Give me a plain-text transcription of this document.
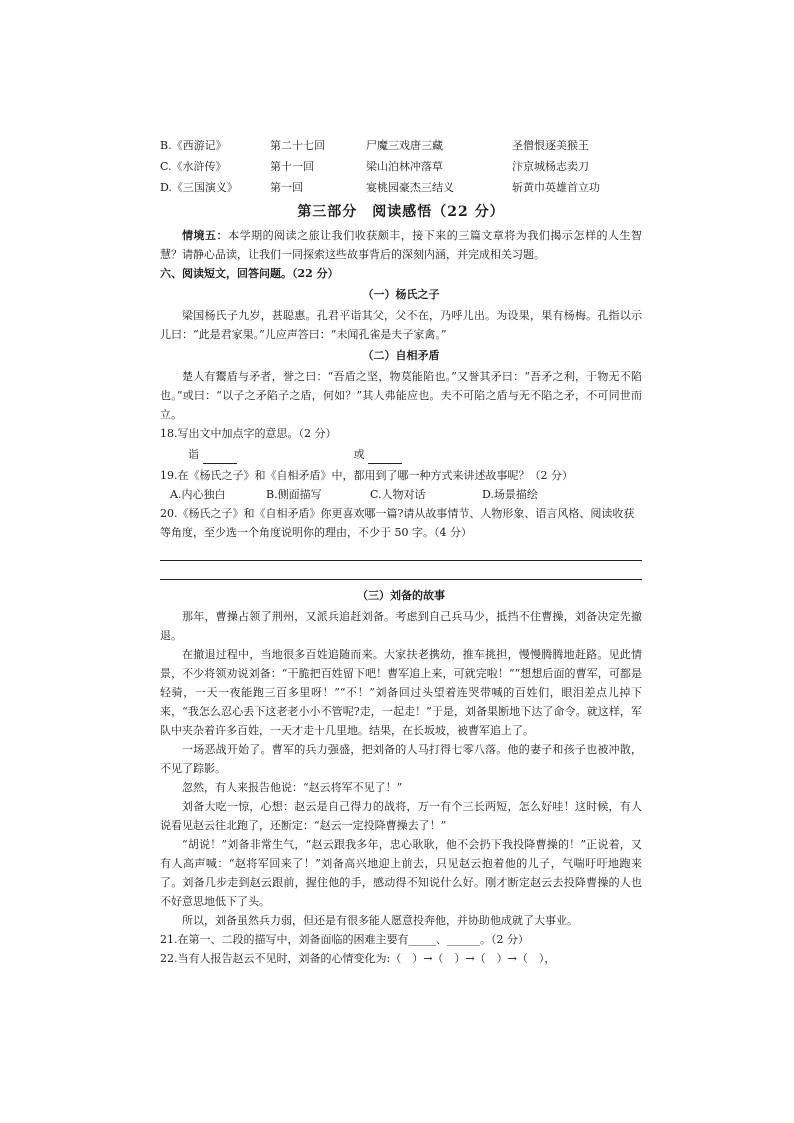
B.《西游记》	第二十七回	尸魔三戏唐三藏	圣僧恨逐美猴王
C.《水浒传》	第十一回	梁山泊林冲落草	汴京城杨志卖刀
D.《三国演义》	第一回	宴桃园豪杰三结义	斩黄巾英雄首立功
第三部分　阅读感悟（22 分）

情境五：本学期的阅读之旅让我们收获颇丰，接下来的三篇文章将为我们揭示怎样的人生智慧？请静心品读，让我们一同探索这些故事背后的深刻内涵，并完成相关习题。

六、阅读短文，回答问题。（22 分）

（一）杨氏之子

梁国杨氏子九岁，甚聪惠。孔君平诣其父，父不在，乃呼儿出。为设果，果有杨梅。孔指以示儿曰：“此是君家果。”儿应声答曰：“未闻孔雀是夫子家禽。”

（二）自相矛盾

楚人有鬻盾与矛者，誉之曰：“吾盾之坚，物莫能陷也。”又誉其矛曰：“吾矛之利，于物无不陷也。”或曰：“以子之矛陷子之盾，何如？”其人弗能应也。夫不可陷之盾与无不陷之矛，不可同世而立。

18.写出文中加点字的意思。（2 分）

诣	或

19.在《杨氏之子》和《自相矛盾》中，都用到了哪一种方式来讲述故事呢？（2 分）

A.内心独白	B.侧面描写	C.人物对话	D.场景描绘

20.《杨氏之子》和《自相矛盾》你更喜欢哪一篇?请从故事情节、人物形象、语言风格、阅读收获等角度，至少选一个角度说明你的理由，不少于 50 字。（4 分）

（三）刘备的故事

那年，曹操占领了荆州，又派兵追赶刘备。考虑到自己兵马少，抵挡不住曹操，刘备决定先撤退。

在撤退过程中，当地很多百姓追随而来。大家扶老携幼，推车挑担，慢慢腾腾地赶路。见此情景，不少将领劝说刘备：“干脆把百姓留下吧！曹军追上来，可就完啦！”“想想后面的曹军，可都是轻骑，一天一夜能跑三百多里呀！”“不！”刘备回过头望着连哭带喊的百姓们，眼泪差点儿掉下来，“我怎么忍心丢下这老老小小不管呢?走，一起走！”于是，刘备果断地下达了命令。就这样，军队中夹杂着许多百姓，一天才走十几里地。结果，在长坂坡，被曹军追上了。

一场恶战开始了。曹军的兵力强盛，把刘备的人马打得七零八落。他的妻子和孩子也被冲散，不见了踪影。

忽然，有人来报告他说：“赵云将军不见了！”

刘备大吃一惊，心想：赵云是自己得力的战将，万一有个三长两短，怎么好哇！这时候，有人说看见赵云往北跑了，还断定：“赵云一定投降曹操去了！”

“胡说！”刘备非常生气，“赵云跟我多年，忠心耿耿，他不会扔下我投降曹操的！”正说着，又有人高声喊：“赵将军回来了！”刘备高兴地迎上前去，只见赵云抱着他的儿子，气喘吁吁地跑来了。刘备几步走到赵云跟前，握住他的手，感动得不知说什么好。刚才断定赵云去投降曹操的人也不好意思地低下了头。

所以，刘备虽然兵力弱，但还是有很多能人愿意投奔他，并协助他成就了大事业。

21.在第一、二段的描写中，刘备面临的困难主要有_____、______。（2 分）

22.当有人报告赵云不见时，刘备的心情变化为:（　）→（　）→（　）→（　），
